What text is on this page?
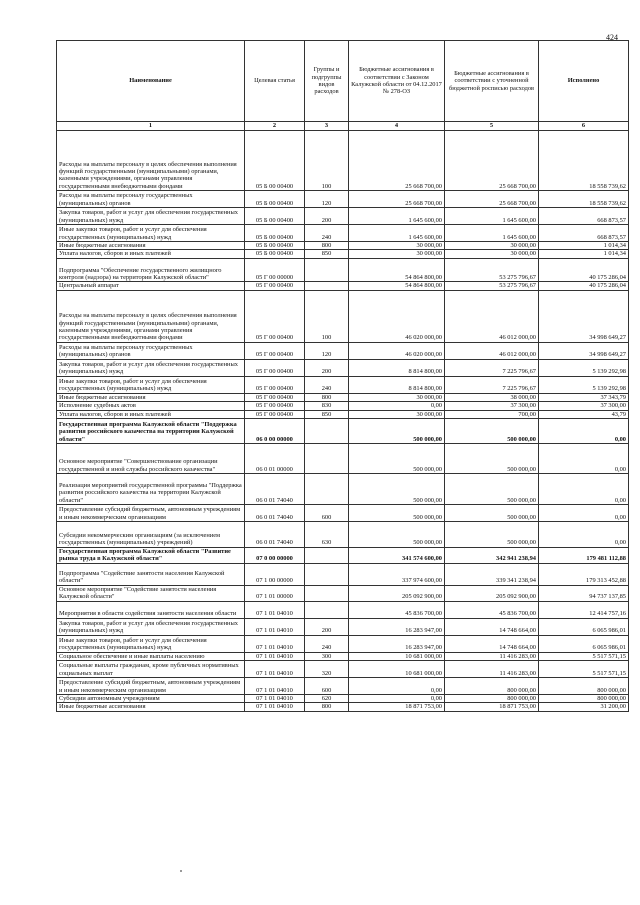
424
Наименование	Целевая статья	Группы и подгруппы видов расходов	Бюджетные ассигнования в соответствии с Законом Калужской области от 04.12.2017 № 278-ОЗ	Бюджетные ассигнования в соответствии с уточненной бюджетной росписью расходов	Исполнено
1	2	3	4	5	6
Расходы на выплаты персоналу в целях обеспечения выполнения функций государственными (муниципальными) органами, казенными учреждениями, органами управления государственными внебюджетными фондами	05 Б 00 00400	100	25 668 700,00	25 668 700,00	18 558 739,62
Расходы на выплаты персоналу государственных (муниципальных) органов	05 Б 00 00400	120	25 668 700,00	25 668 700,00	18 558 739,62
Закупка товаров, работ и услуг для обеспечения государственных (муниципальных) нужд	05 Б 00 00400	200	1 645 600,00	1 645 600,00	668 873,57
Иные закупки товаров, работ и услуг для обеспечения государственных (муниципальных) нужд	05 Б 00 00400	240	1 645 600,00	1 645 600,00	668 873,57
Иные бюджетные ассигнования	05 Б 00 00400	800	30 000,00	30 000,00	1 014,34
Уплата налогов, сборов и иных платежей	05 Б 00 00400	850	30 000,00	30 000,00	1 014,34
Подпрограмма "Обеспечение государственного жилищного контроля (надзора) на территории Калужской области"	05 Г 00 00000		54 864 800,00	53 275 796,67	40 175 286,04
Центральный аппарат	05 Г 00 00400		54 864 800,00	53 275 796,67	40 175 286,04
Расходы на выплаты персоналу в целях обеспечения выполнения функций государственными (муниципальными) органами, казенными учреждениями, органами управления государственными внебюджетными фондами	05 Г 00 00400	100	46 020 000,00	46 012 000,00	34 998 649,27
Расходы на выплаты персоналу государственных (муниципальных) органов	05 Г 00 00400	120	46 020 000,00	46 012 000,00	34 998 649,27
Закупка товаров, работ и услуг для обеспечения государственных (муниципальных) нужд	05 Г 00 00400	200	8 814 800,00	7 225 796,67	5 139 292,98
Иные закупки товаров, работ и услуг для обеспечения государственных (муниципальных) нужд	05 Г 00 00400	240	8 814 800,00	7 225 796,67	5 139 292,98
Иные бюджетные ассигнования	05 Г 00 00400	800	30 000,00	38 000,00	37 343,79
Исполнение судебных актов	05 Г 00 00400	830	0,00	37 300,00	37 300,00
Уплата налогов, сборов и иных платежей	05 Г 00 00400	850	30 000,00	700,00	43,79
Государственная программа Калужской области "Поддержка развития российского казачества на территории Калужской области"	06 0 00 00000		500 000,00	500 000,00	0,00
Основное мероприятие "Совершенствование организации государственной и иной службы российского казачества"	06 0 01 00000		500 000,00	500 000,00	0,00
Реализация мероприятий государственной программы "Поддержка развития российского казачества на территории Калужской области"	06 0 01 74040		500 000,00	500 000,00	0,00
Предоставление субсидий бюджетным, автономным учреждениям и иным некоммерческим организациям	06 0 01 74040	600	500 000,00	500 000,00	0,00
Субсидии некоммерческим организациям (за исключением государственных (муниципальных) учреждений)	06 0 01 74040	630	500 000,00	500 000,00	0,00
Государственная программа Калужской области "Развитие рынка труда в Калужской области"	07 0 00 00000		341 574 600,00	342 941 238,94	179 481 112,88
Подпрограмма "Содействие занятости населения Калужской области"	07 1 00 00000		337 974 600,00	339 341 238,94	179 313 452,88
Основное мероприятие "Содействие занятости населения Калужской области"	07 1 01 00000		205 092 900,00	205 092 900,00	94 737 137,85
Мероприятия в области содействия занятости населения области	07 1 01 04010		45 836 700,00	45 836 700,00	12 414 757,16
Закупка товаров, работ и услуг для обеспечения государственных (муниципальных) нужд	07 1 01 04010	200	16 283 947,00	14 748 664,00	6 065 986,01
Иные закупки товаров, работ и услуг для обеспечения государственных (муниципальных) нужд	07 1 01 04010	240	16 283 947,00	14 748 664,00	6 065 986,01
Социальное обеспечение и иные выплаты населению	07 1 01 04010	300	10 681 000,00	11 416 283,00	5 517 571,15
Социальные выплаты гражданам, кроме публичных нормативных социальных выплат	07 1 01 04010	320	10 681 000,00	11 416 283,00	5 517 571,15
Предоставление субсидий бюджетным, автономным учреждениям и иным некоммерческим организациям	07 1 01 04010	600	0,00	800 000,00	800 000,00
Субсидии автономным учреждениям	07 1 01 04010	620	0,00	800 000,00	800 000,00
Иные бюджетные ассигнования	07 1 01 04010	800	18 871 753,00	18 871 753,00	31 200,00
